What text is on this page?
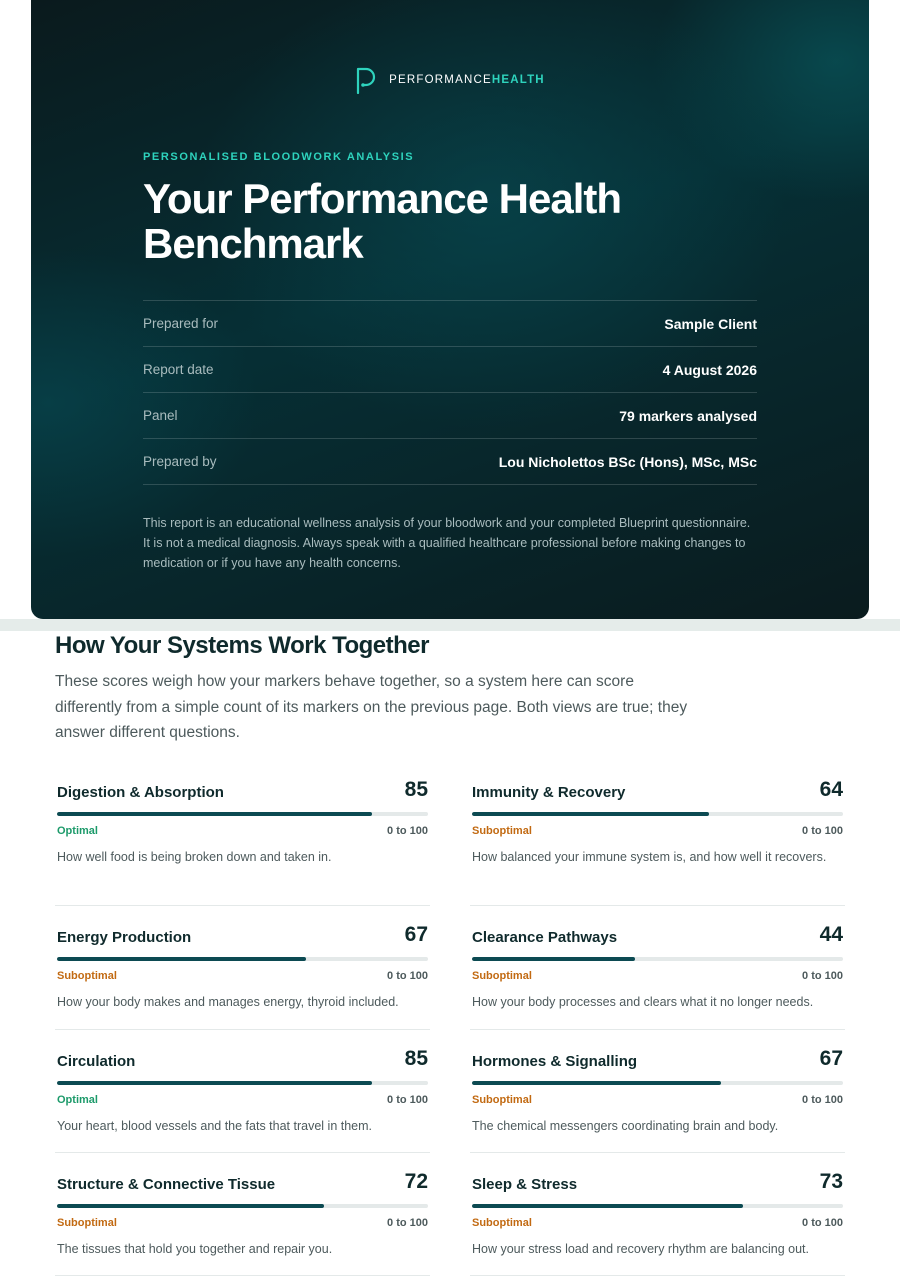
PERFORMANCEHEALTH
PERSONALISED BLOODWORK ANALYSIS
Your Performance Health Benchmark
Prepared for	Sample Client
Report date	4 August 2026
Panel	79 markers analysed
Prepared by	Lou Nicholettos BSc (Hons), MSc, MSc

This report is an educational wellness analysis of your bloodwork and your completed Blueprint questionnaire. It is not a medical diagnosis. Always speak with a qualified healthcare professional before making changes to medication or if you have any health concerns.

How Your Systems Work Together

These scores weigh how your markers behave together, so a system here can score differently from a simple count of its markers on the previous page. Both views are true; they answer different questions.

Digestion & Absorption	85
Optimal	0 to 100

How well food is being broken down and taken in.

Immunity & Recovery	64
Suboptimal	0 to 100

How balanced your immune system is, and how well it recovers.

Energy Production	67
Suboptimal	0 to 100

How your body makes and manages energy, thyroid included.

Clearance Pathways	44
Suboptimal	0 to 100

How your body processes and clears what it no longer needs.

Circulation	85
Optimal	0 to 100

Your heart, blood vessels and the fats that travel in them.

Hormones & Signalling	67
Suboptimal	0 to 100

The chemical messengers coordinating brain and body.

Structure & Connective Tissue	72
Suboptimal	0 to 100

The tissues that hold you together and repair you.

Sleep & Stress	73
Suboptimal	0 to 100

How your stress load and recovery rhythm are balancing out.
